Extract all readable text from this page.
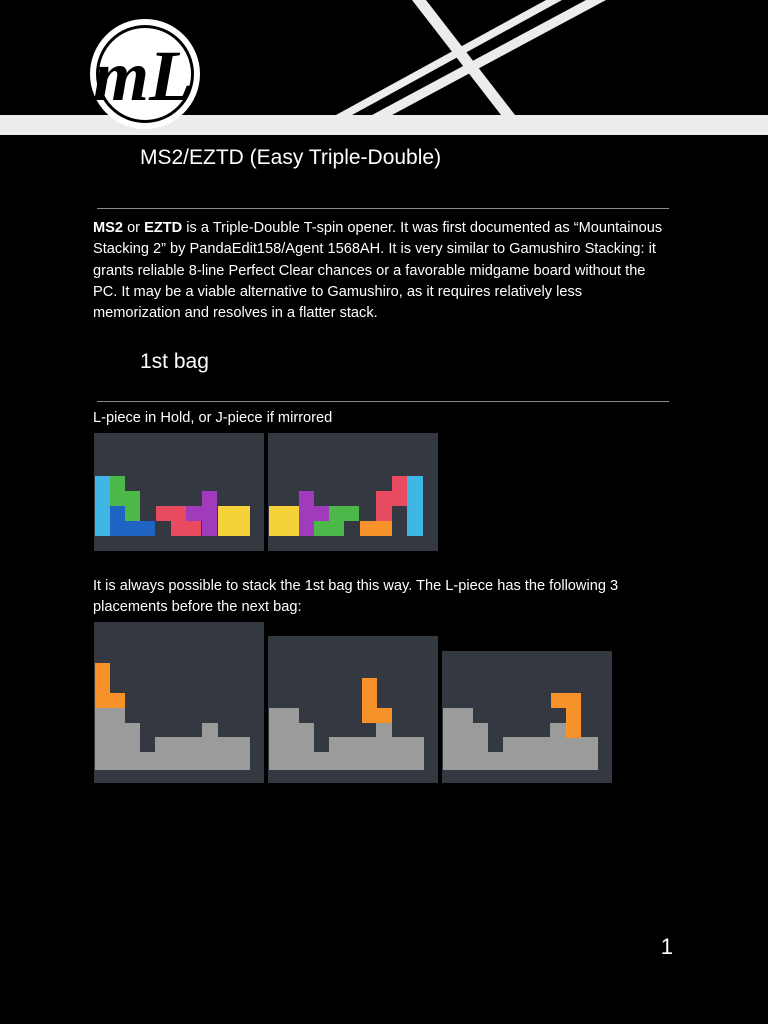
mL
MS2/EZTD (Easy Triple-Double)

MS2 or EZTD is a Triple-Double T-spin opener. It was first documented as “Mountainous Stacking 2” by PandaEdit158/Agent 1568AH. It is very similar to Gamushiro Stacking: it grants reliable 8-line Perfect Clear chances or a favorable midgame board without the PC. It may be a viable alternative to Gamushiro, as it requires relatively less memorization and resolves in a flatter stack.

1st bag

L-piece in Hold, or J-piece if mirrored

It is always possible to stack the 1st bag this way. The L-piece has the following 3 placements before the next bag:

1
